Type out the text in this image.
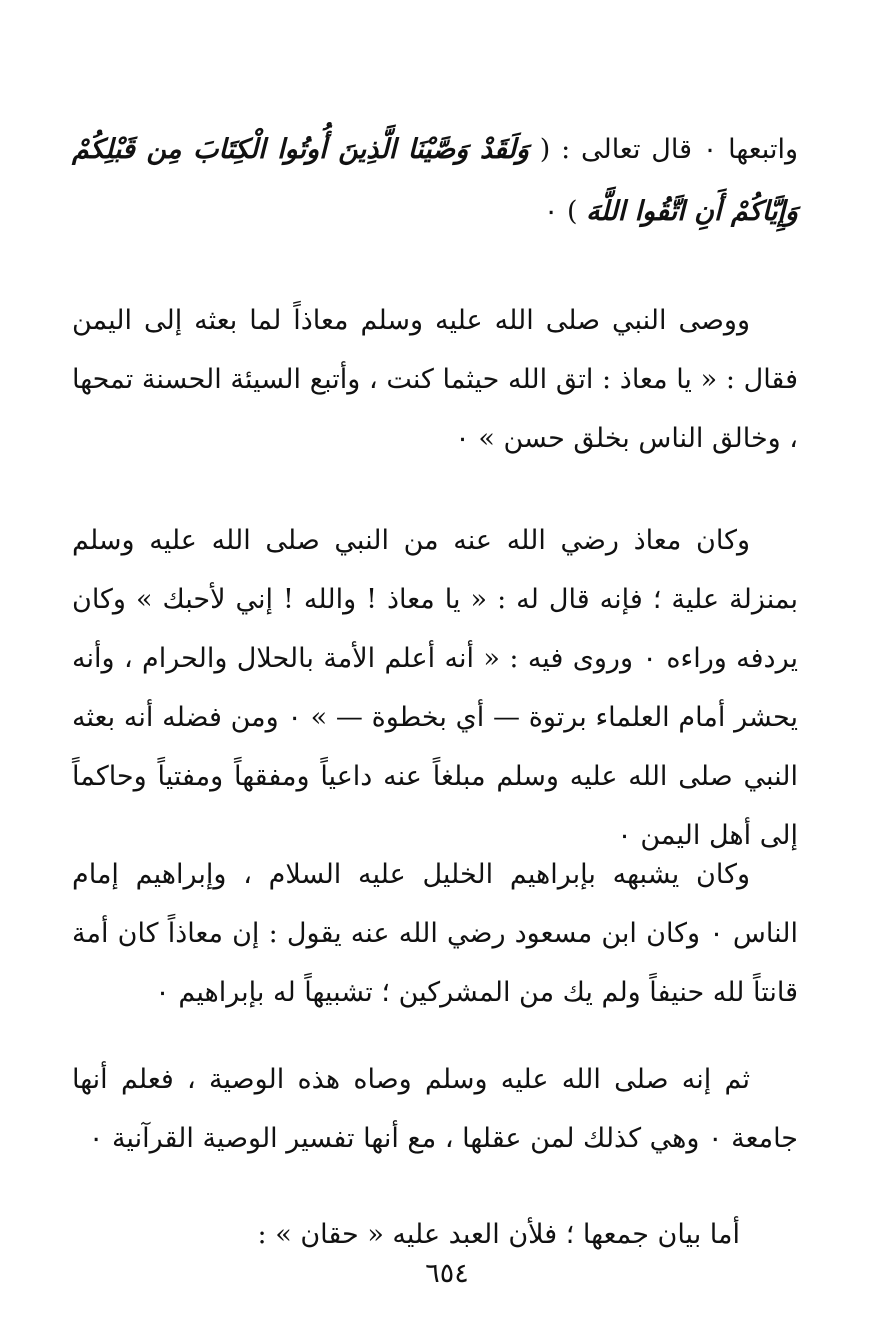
واتبعها ٠ قال تعالى : ( وَلَقَدْ وَصَّيْنَا الَّذِينَ أُوتُوا الْكِتَابَ مِن قَبْلِكُمْ وَإِيَّاكُمْ أَنِ اتَّقُوا اللَّهَ ) ٠

ووصى النبي صلى الله عليه وسلم معاذاً لما بعثه إلى اليمن فقال : « يا معاذ : اتق الله حيثما كنت ، وأتبع السيئة الحسنة تمحها ، وخالق الناس بخلق حسن » ٠

وكان معاذ رضي الله عنه من النبي صلى الله عليه وسلم بمنزلة علية ؛ فإنه قال له : « يا معاذ ! والله ! إني لأحبك » وكان يردفه وراءه ٠ وروى فيه : « أنه أعلم الأمة بالحلال والحرام ، وأنه يحشر أمام العلماء برتوة — أي بخطوة — » ٠ ومن فضله أنه بعثه النبي صلى الله عليه وسلم مبلغاً عنه داعياً ومفقهاً ومفتياً وحاكماً إلى أهل اليمن ٠

وكان يشبهه بإبراهيم الخليل عليه السلام ، وإبراهيم إمام الناس ٠ وكان ابن مسعود رضي الله عنه يقول : إن معاذاً كان أمة قانتاً لله حنيفاً ولم يك من المشركين ؛ تشبيهاً له بإبراهيم ٠

ثم إنه صلى الله عليه وسلم وصاه هذه الوصية ، فعلم أنها جامعة ٠ وهي كذلك لمن عقلها ، مع أنها تفسير الوصية القرآنية ٠

أما بيان جمعها ؛ فلأن العبد عليه « حقان » :

٦٥٤
